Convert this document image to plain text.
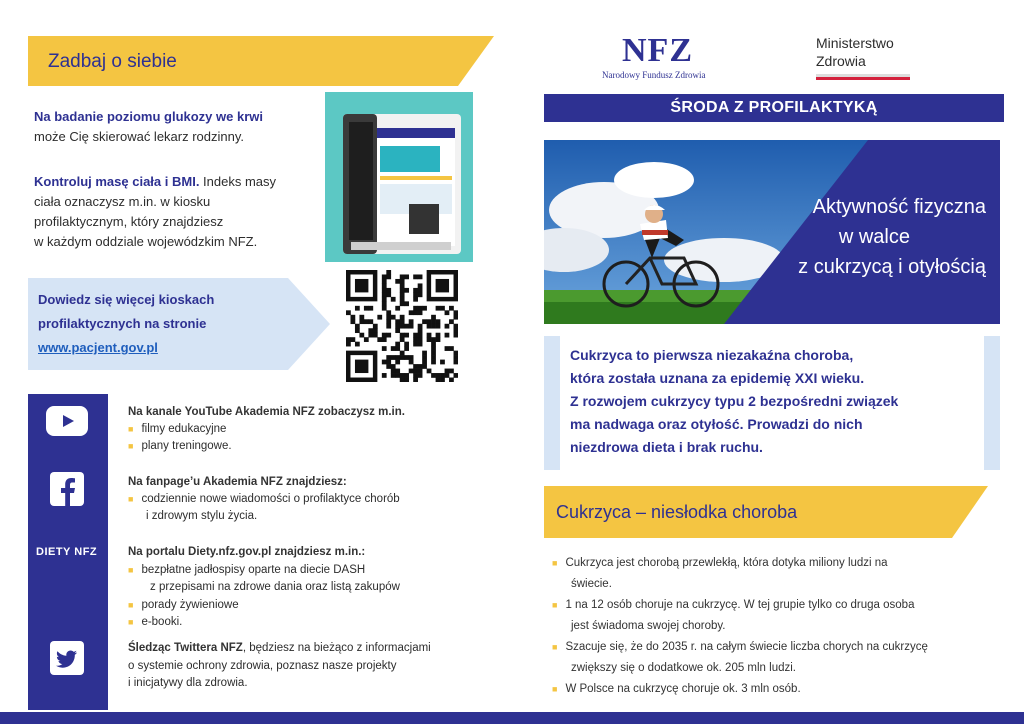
Zadbaj o siebie
Na badanie poziomu glukozy we krwi
może Cię skierować lekarz rodzinny.
Kontroluj masę ciała i BMI. Indeks masy
ciała oznaczysz m.in. w kiosku
profilaktycznym, który znajdziesz
w każdym oddziale wojewódzkim NFZ.
Dowiedz się więcej kioskach
profilaktycznych na stronie
www.pacjent.gov.pl
DIETY NFZ
Na kanale YouTube Akademia NFZ zobaczysz m.in.
■ filmy edukacyjne
■ plany treningowe.
Na fanpage’u Akademia NFZ znajdziesz:
■ codziennie nowe wiadomości o profilaktyce chorób
i zdrowym stylu życia.
Na portalu Diety.nfz.gov.pl znajdziesz m.in.:
■ bezpłatne jadłospisy oparte na diecie DASH
z przepisami na zdrowe dania oraz listą zakupów
■ porady żywieniowe
■ e-booki.
Śledząc Twittera NFZ, będziesz na bieżąco z informacjami
o systemie ochrony zdrowia, poznasz nasze projekty
i inicjatywy dla zdrowia.
NFZ
Narodowy Fundusz Zdrowia
Ministerstwo
Zdrowia
ŚRODA Z PROFILAKTYKĄ
Aktywność fizyczna
w walce
z cukrzycą i otyłością
Cukrzyca to pierwsza niezakaźna choroba,
która została uznana za epidemię XXI wieku.
Z rozwojem cukrzycy typu 2 bezpośredni związek
ma nadwaga oraz otyłość. Prowadzi do nich
niezdrowa dieta i brak ruchu.
Cukrzyca – niesłodka choroba
■ Cukrzyca jest chorobą przewlekłą, która dotyka miliony ludzi na
świecie.
■ 1 na 12 osób choruje na cukrzycę. W tej grupie tylko co druga osoba
jest świadoma swojej choroby.
■ Szacuje się, że do 2035 r. na całym świecie liczba chorych na cukrzycę
zwiększy się o dodatkowe ok. 205 mln ludzi.
■ W Polsce na cukrzycę choruje ok. 3 mln osób.
